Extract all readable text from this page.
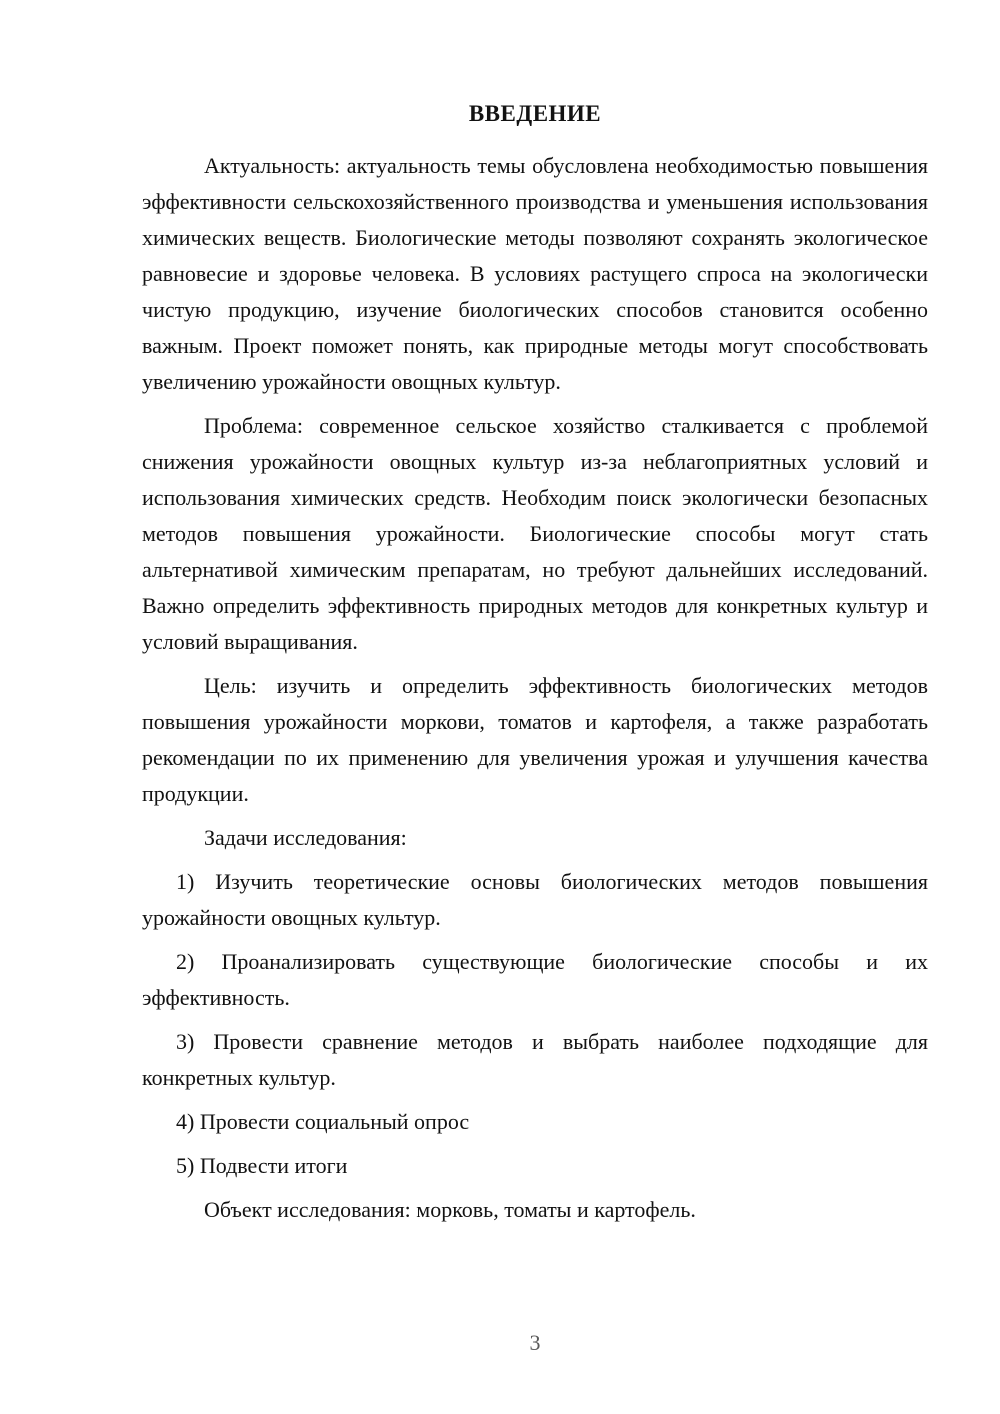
ВВЕДЕНИЕ

Актуальность: актуальность темы обусловлена необходимостью повышения эффективности сельскохозяйственного производства и уменьшения использования химических веществ. Биологические методы позволяют сохранять экологическое равновесие и здоровье человека. В условиях растущего спроса на экологически чистую продукцию, изучение биологических способов становится особенно важным. Проект поможет понять, как природные методы могут способствовать увеличению урожайности овощных культур.

Проблема: современное сельское хозяйство сталкивается с проблемой снижения урожайности овощных культур из-за неблагоприятных условий и использования химических средств. Необходим поиск экологически безопасных методов повышения урожайности. Биологические способы могут стать альтернативой химическим препаратам, но требуют дальнейших исследований. Важно определить эффективность природных методов для конкретных культур и условий выращивания.

Цель: изучить и определить эффективность биологических методов повышения урожайности моркови, томатов и картофеля, а также разработать рекомендации по их применению для увеличения урожая и улучшения качества продукции.

Задачи исследования:

1) Изучить теоретические основы биологических методов повышения урожайности овощных культур.

2) Проанализировать существующие биологические способы и их эффективность.

3) Провести сравнение методов и выбрать наиболее подходящие для конкретных культур.

4) Провести социальный опрос

5) Подвести итоги

Объект исследования: морковь, томаты и картофель.

3
